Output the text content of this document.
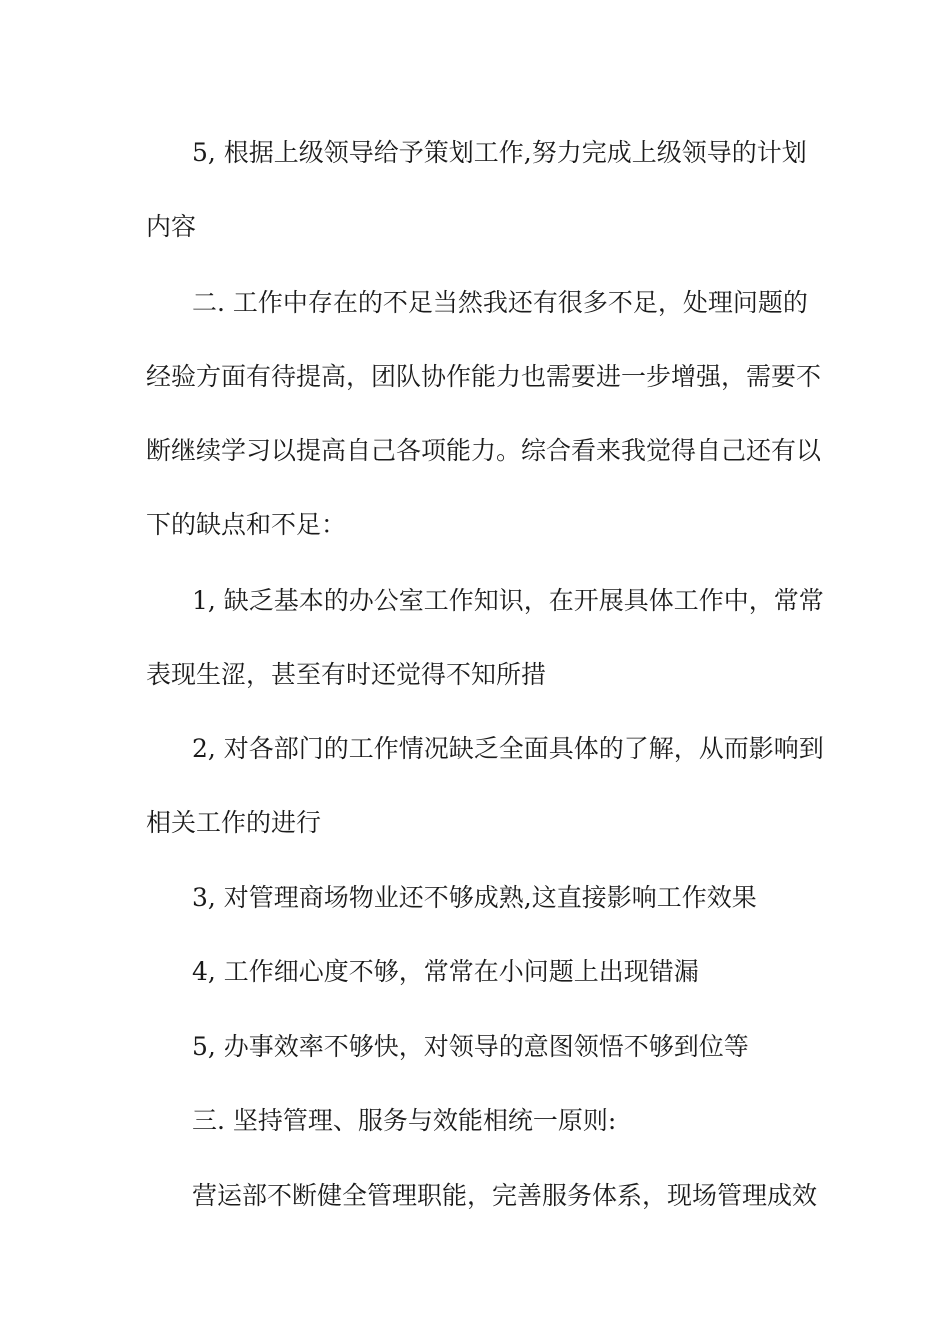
5, 根据上级领导给予策划工作,努力完成上级领导的计划
内容
二. 工作中存在的不足当然我还有很多不足，处理问题的
经验方面有待提高，团队协作能力也需要进一步增强，需要不
断继续学习以提高自己各项能力。综合看来我觉得自己还有以
下的缺点和不足：
1, 缺乏基本的办公室工作知识，在开展具体工作中，常常
表现生涩，甚至有时还觉得不知所措
2, 对各部门的工作情况缺乏全面具体的了解，从而影响到
相关工作的进行
3, 对管理商场物业还不够成熟,这直接影响工作效果
4, 工作细心度不够，常常在小问题上出现错漏
5, 办事效率不够快，对领导的意图领悟不够到位等
三. 坚持管理、服务与效能相统一原则:
营运部不断健全管理职能，完善服务体系，现场管理成效
